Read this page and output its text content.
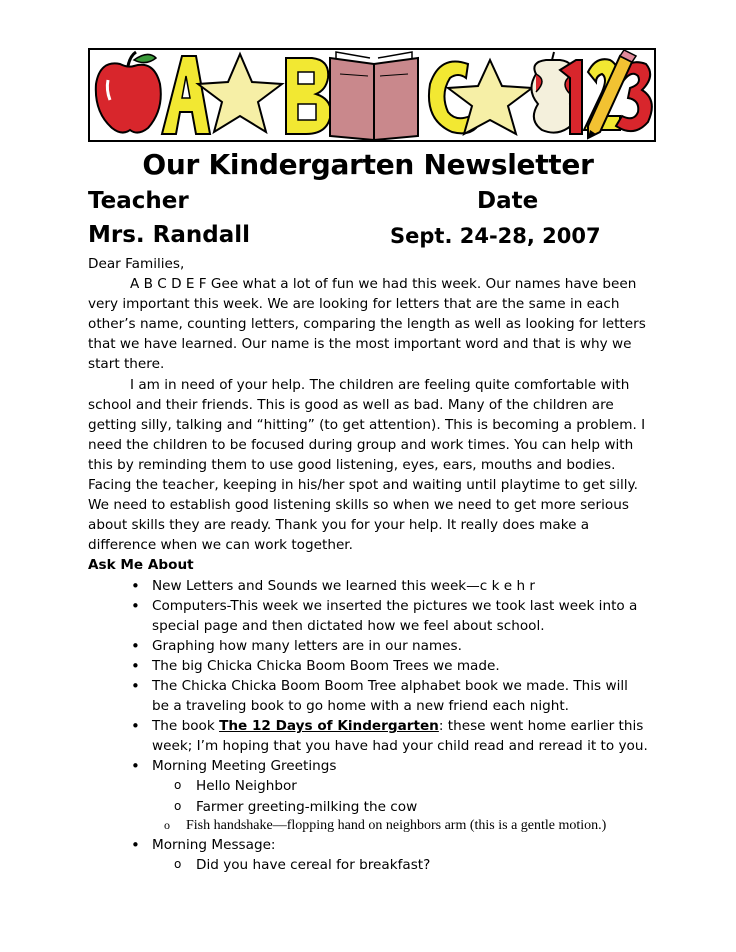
Our Kindergarten Newsletter
Teacher	Date
Mrs. Randall	Sept. 24-28, 2007

Dear Families,

A B C D E F Gee what a lot of fun we had this week. Our names have been very important this week. We are looking for letters that are the same in each other’s name, counting letters, comparing the length as well as looking for letters that we have learned. Our name is the most important word and that is why we start there.

I am in need of your help. The children are feeling quite comfortable with school and their friends. This is good as well as bad. Many of the children are getting silly, talking and “hitting” (to get attention). This is becoming a problem. I need the children to be focused during group and work times. You can help with this by reminding them to use good listening, eyes, ears, mouths and bodies. Facing the teacher, keeping in his/her spot and waiting until playtime to get silly. We need to establish good listening skills so when we need to get more serious about skills they are ready. Thank you for your help. It really does make a difference when we can work together.

Ask Me About

• New Letters and Sounds we learned this week—c k e h r
• Computers-This week we inserted the pictures we took last week into a special page and then dictated how we feel about school.
• Graphing how many letters are in our names.
• The big Chicka Chicka Boom Boom Trees we made.
• The Chicka Chicka Boom Boom Tree alphabet book we made. This will be a traveling book to go home with a new friend each night.
• The book The 12 Days of Kindergarten: these went home earlier this week; I’m hoping that you have had your child read and reread it to you.
• Morning Meeting Greetings
o Hello Neighbor
o Farmer greeting-milking the cow
o Fish handshake—flopping hand on neighbors arm (this is a gentle motion.)
• Morning Message:
o Did you have cereal for breakfast?
